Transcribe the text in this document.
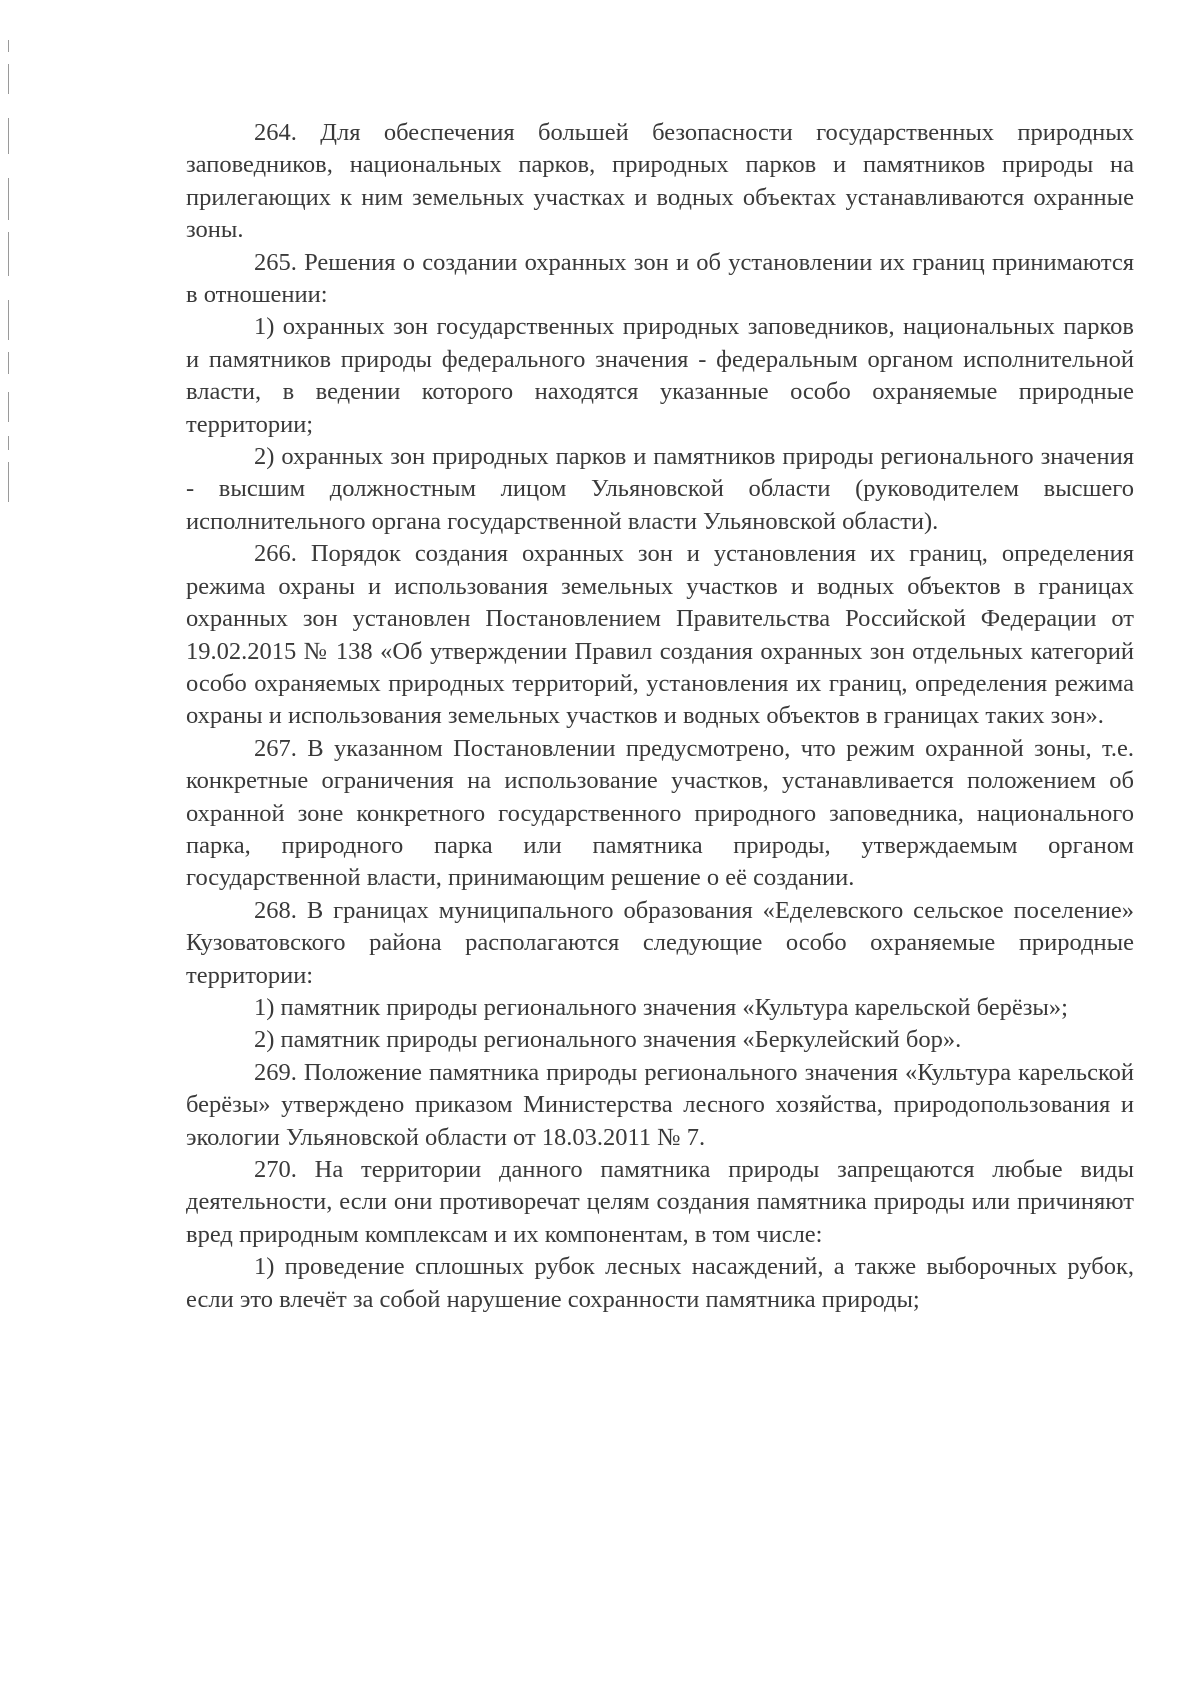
264. Для обеспечения большей безопасности государственных природных заповедников, национальных парков, природных парков и памятников природы на прилегающих к ним земельных участках и водных объектах устанавливаются охранные зоны.

265. Решения о создании охранных зон и об установлении их границ принимаются в отношении:

1) охранных зон государственных природных заповедников, национальных парков и памятников природы федерального значения - федеральным органом исполнительной власти, в ведении которого находятся указанные особо охраняемые природные территории;

2) охранных зон природных парков и памятников природы регионального значения - высшим должностным лицом Ульяновской области (руководителем высшего исполнительного органа государственной власти Ульяновской области).

266. Порядок создания охранных зон и установления их границ, определения режима охраны и использования земельных участков и водных объектов в границах охранных зон установлен Постановлением Правительства Российской Федерации от 19.02.2015 № 138 «Об утверждении Правил создания охранных зон отдельных категорий особо охраняемых природных территорий, установления их границ, определения режима охраны и использования земельных участков и водных объектов в границах таких зон».

267. В указанном Постановлении предусмотрено, что режим охранной зоны, т.е. конкретные ограничения на использование участков, устанавливается положением об охранной зоне конкретного государственного природного заповедника, национального парка, природного парка или памятника природы, утверждаемым органом государственной власти, принимающим решение о её создании.

268. В границах муниципального образования «Еделевского сельское поселение» Кузоватовского района располагаются следующие особо охраняемые природные территории:

1) памятник природы регионального значения «Культура карельской берёзы»;

2) памятник природы регионального значения «Беркулейский бор».

269. Положение памятника природы регионального значения «Культура карельской берёзы» утверждено приказом Министерства лесного хозяйства, природопользования и экологии Ульяновской области от 18.03.2011 № 7.

270. На территории данного памятника природы запрещаются любые виды деятельности, если они противоречат целям создания памятника природы или причиняют вред природным комплексам и их компонентам, в том числе:

1) проведение сплошных рубок лесных насаждений, а также выборочных рубок, если это влечёт за собой нарушение сохранности памятника природы;
